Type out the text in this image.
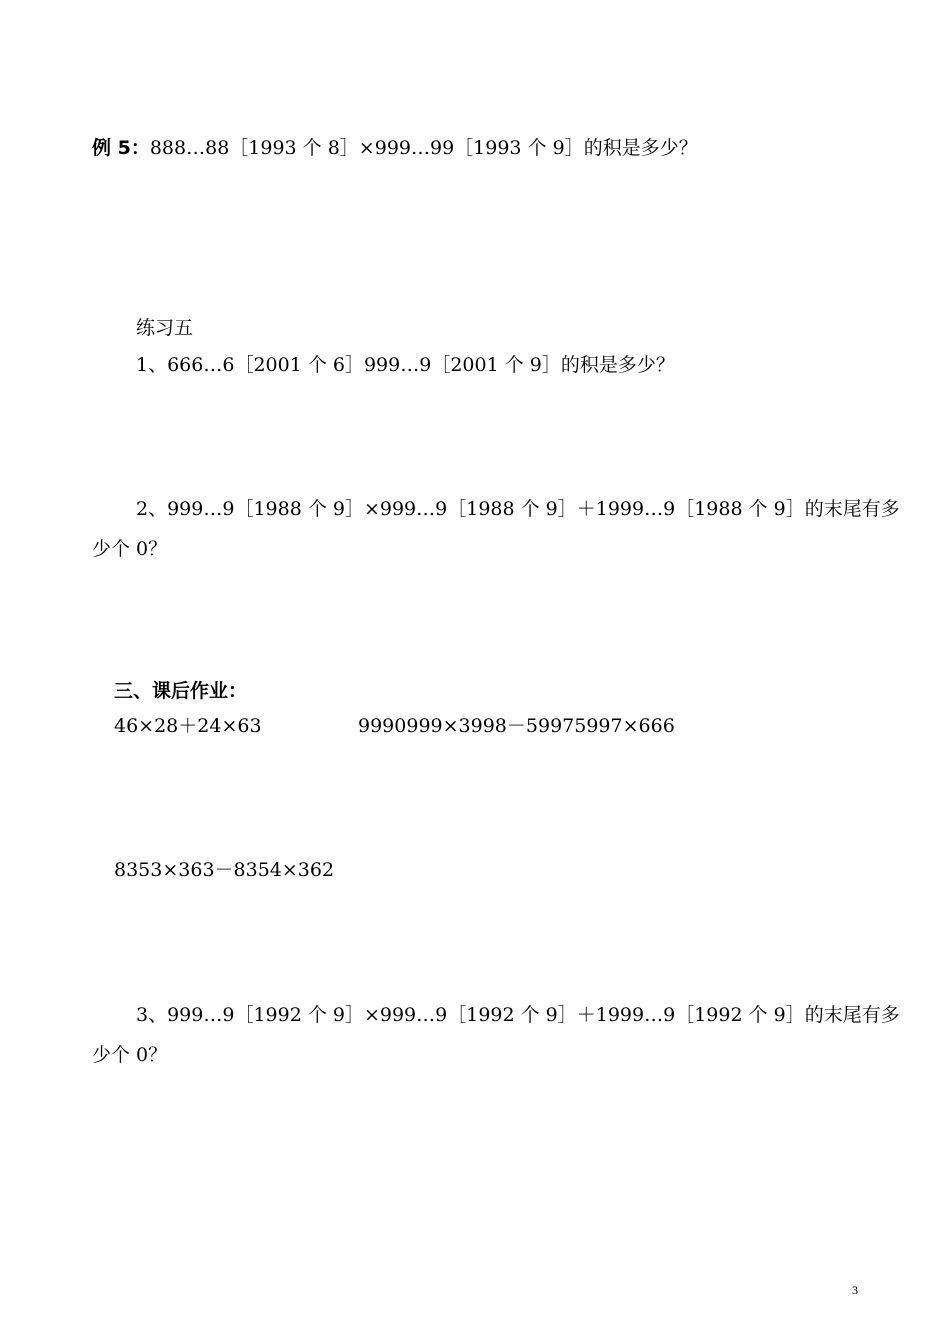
例 5：888…88［1993 个 8］×999…99［1993 个 9］的积是多少？
练习五
1、666…6［2001 个 6］999…9［2001 个 9］的积是多少？
2、999…9［1988 个 9］×999…9［1988 个 9］＋1999…9［1988 个 9］的末尾有多
少个 0？
三、课后作业：
46×28＋24×63	9990999×3998－59975997×666
8353×363－8354×362
3、999…9［1992 个 9］×999…9［1992 个 9］＋1999…9［1992 个 9］的末尾有多
少个 0？
3
